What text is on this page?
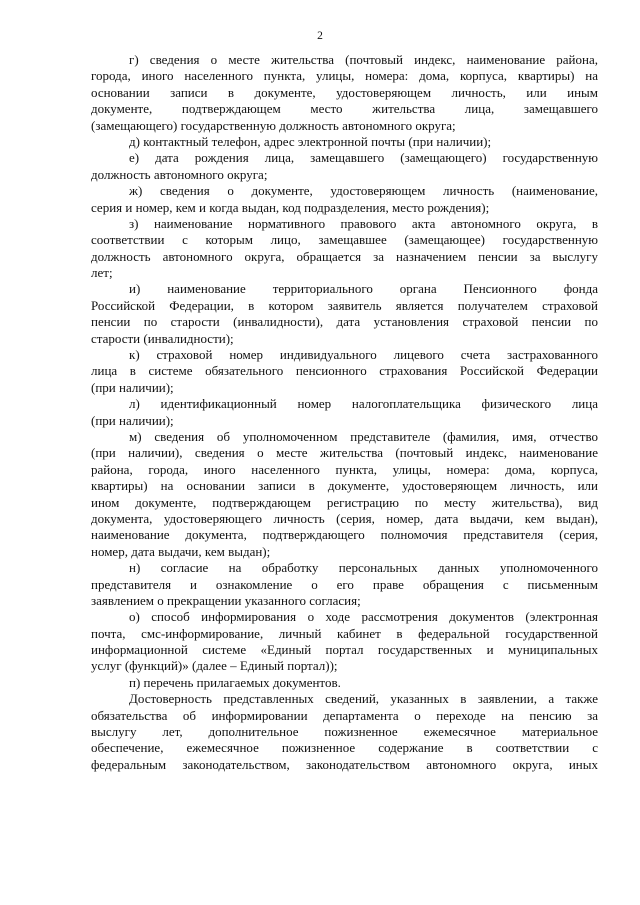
2
г) сведения о месте жительства (почтовый индекс, наименование района,
города, иного населенного пункта, улицы, номера: дома, корпуса, квартиры) на
основании записи в документе, удостоверяющем личность, или иным
документе, подтверждающем место жительства лица, замещавшего
(замещающего) государственную должность автономного округа;
д) контактный телефон, адрес электронной почты (при наличии);
е) дата рождения лица, замещавшего (замещающего) государственную
должность автономного округа;
ж) сведения о документе, удостоверяющем личность (наименование,
серия и номер, кем и когда выдан, код подразделения, место рождения);
з) наименование нормативного правового акта автономного округа, в
соответствии с которым лицо, замещавшее (замещающее) государственную
должность автономного округа, обращается за назначением пенсии за выслугу
лет;
и) наименование территориального органа Пенсионного фонда
Российской Федерации, в котором заявитель является получателем страховой
пенсии по старости (инвалидности), дата установления страховой пенсии по
старости (инвалидности);
к) страховой номер индивидуального лицевого счета застрахованного
лица в системе обязательного пенсионного страхования Российской Федерации
(при наличии);
л) идентификационный номер налогоплательщика физического лица
(при наличии);
м) сведения об уполномоченном представителе (фамилия, имя, отчество
(при наличии), сведения о месте жительства (почтовый индекс, наименование
района, города, иного населенного пункта, улицы, номера: дома, корпуса,
квартиры) на основании записи в документе, удостоверяющем личность, или
ином документе, подтверждающем регистрацию по месту жительства), вид
документа, удостоверяющего личность (серия, номер, дата выдачи, кем выдан),
наименование документа, подтверждающего полномочия представителя (серия,
номер, дата выдачи, кем выдан);
н) согласие на обработку персональных данных уполномоченного
представителя и ознакомление о его праве обращения с письменным
заявлением о прекращении указанного согласия;
о) способ информирования о ходе рассмотрения документов (электронная
почта, смс-информирование, личный кабинет в федеральной государственной
информационной системе «Единый портал государственных и муниципальных
услуг (функций)» (далее – Единый портал));
п) перечень прилагаемых документов.
Достоверность представленных сведений, указанных в заявлении, а также
обязательства об информировании департамента о переходе на пенсию за
выслугу лет, дополнительное пожизненное ежемесячное материальное
обеспечение, ежемесячное пожизненное содержание в соответствии с
федеральным законодательством, законодательством автономного округа, иных
